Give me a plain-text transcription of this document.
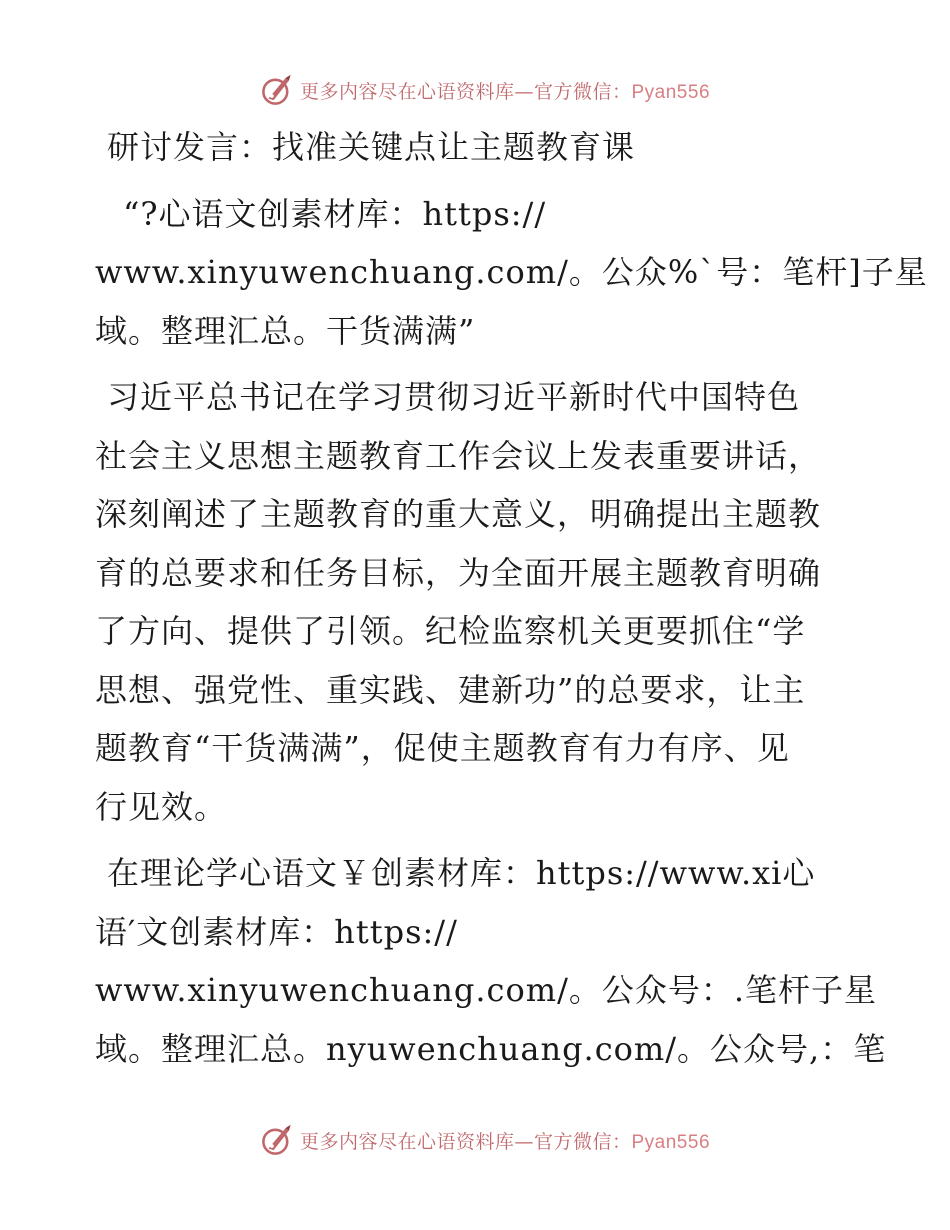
更多内容尽在心语资料库—官方微信：Pyan556
研讨发言：找准关键点让主题教育课
“?心语文创素材库：https://
www.xinyuwenchuang.com/。公众%`号：笔杆]子星
域。整理汇总。干货满满”
习近平总书记在学习贯彻习近平新时代中国特色
社会主义思想主题教育工作会议上发表重要讲话，
深刻阐述了主题教育的重大意义，明确提出主题教
育的总要求和任务目标，为全面开展主题教育明确
了方向、提供了引领。纪检监察机关更要抓住“学
思想、强党性、重实践、建新功”的总要求，让主
题教育“干货满满”，促使主题教育有力有序、见
行见效。
在理论学心语文￥创素材库：https://www.xi心
语′文创素材库：https://
www.xinyuwenchuang.com/。公众号：.笔杆子星
域。整理汇总。nyuwenchuang.com/。公众号,：笔
更多内容尽在心语资料库—官方微信：Pyan556
